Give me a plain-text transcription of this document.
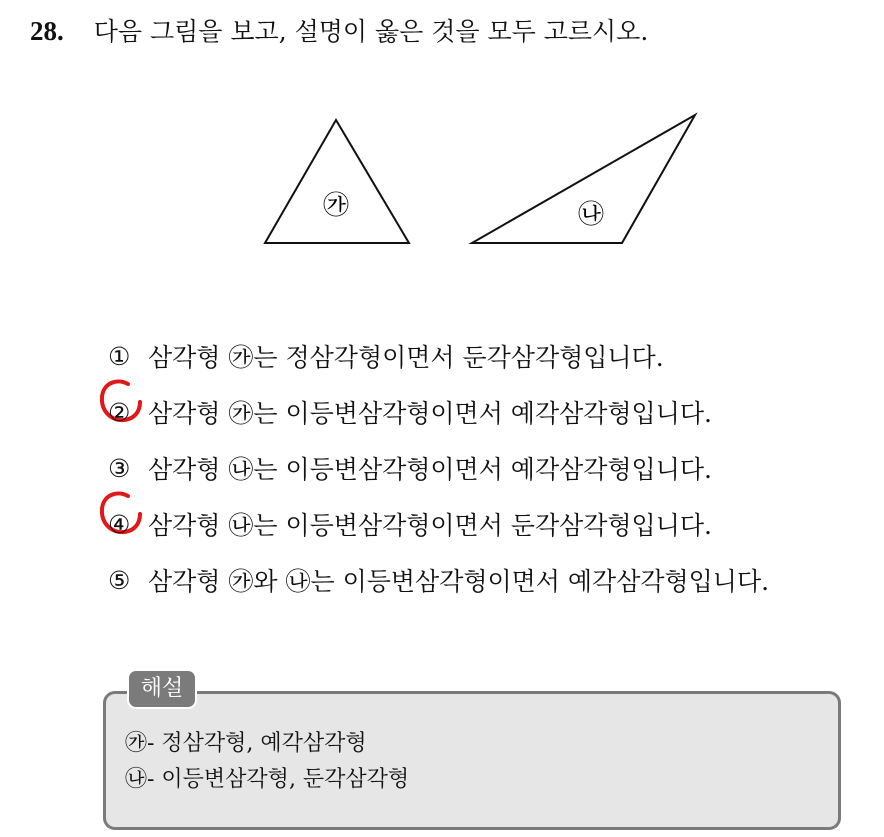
28. 다음 그림을 보고, 설명이 옳은 것을 모두 고르시오.
㉮	㉯
① 삼각형 ㉮는 정삼각형이면서 둔각삼각형입니다.
② 삼각형 ㉮는 이등변삼각형이면서 예각삼각형입니다.
③ 삼각형 ㉯는 이등변삼각형이면서 예각삼각형입니다.
④ 삼각형 ㉯는 이등변삼각형이면서 둔각삼각형입니다.
⑤ 삼각형 ㉮와 ㉯는 이등변삼각형이면서 예각삼각형입니다.
해설
㉮- 정삼각형, 예각삼각형
㉯- 이등변삼각형, 둔각삼각형
